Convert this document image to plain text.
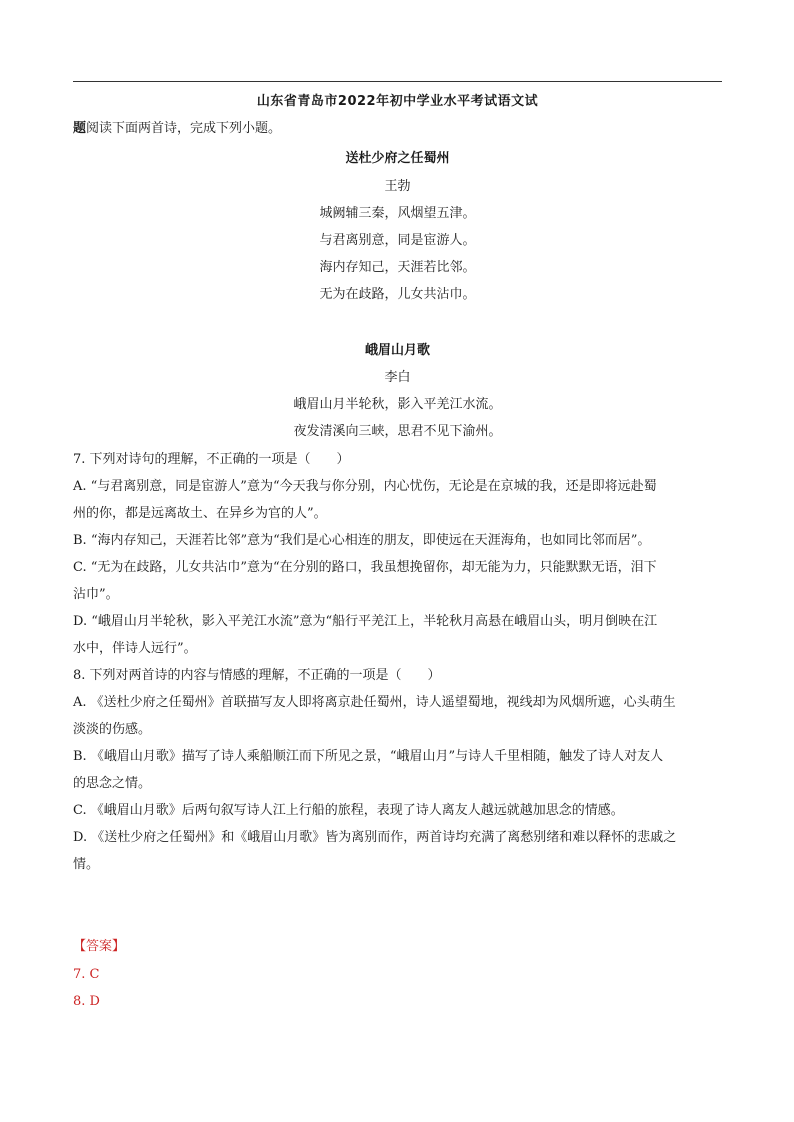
山东省青岛市2022年初中学业水平考试语文试
题阅读下面两首诗，完成下列小题。
送杜少府之任蜀州
王勃
城阙辅三秦，风烟望五津。
与君离别意，同是宦游人。
海内存知己，天涯若比邻。
无为在歧路，儿女共沾巾。
峨眉山月歌
李白
峨眉山月半轮秋，影入平羌江水流。
夜发清溪向三峡，思君不见下渝州。
7. 下列对诗句的理解，不正确的一项是（　　）
A. “与君离别意，同是宦游人”意为“今天我与你分别，内心忧伤，无论是在京城的我，还是即将远赴蜀
州的你，都是远离故土、在异乡为官的人”。
B. “海内存知己，天涯若比邻”意为“我们是心心相连的朋友，即使远在天涯海角，也如同比邻而居”。
C. “无为在歧路，儿女共沾巾”意为“在分别的路口，我虽想挽留你，却无能为力，只能默默无语，泪下
沾巾”。
D. “峨眉山月半轮秋，影入平羌江水流”意为“船行平羌江上，半轮秋月高悬在峨眉山头，明月倒映在江
水中，伴诗人远行”。
8. 下列对两首诗的内容与情感的理解，不正确的一项是（　　）
A. 《送杜少府之任蜀州》首联描写友人即将离京赴任蜀州，诗人遥望蜀地，视线却为风烟所遮，心头萌生
淡淡的伤感。
B. 《峨眉山月歌》描写了诗人乘船顺江而下所见之景，“峨眉山月”与诗人千里相随，触发了诗人对友人
的思念之情。
C. 《峨眉山月歌》后两句叙写诗人江上行船的旅程，表现了诗人离友人越远就越加思念的情感。
D. 《送杜少府之任蜀州》和《峨眉山月歌》皆为离别而作，两首诗均充满了离愁别绪和难以释怀的悲戚之
情。
【答案】
7. C
8. D
